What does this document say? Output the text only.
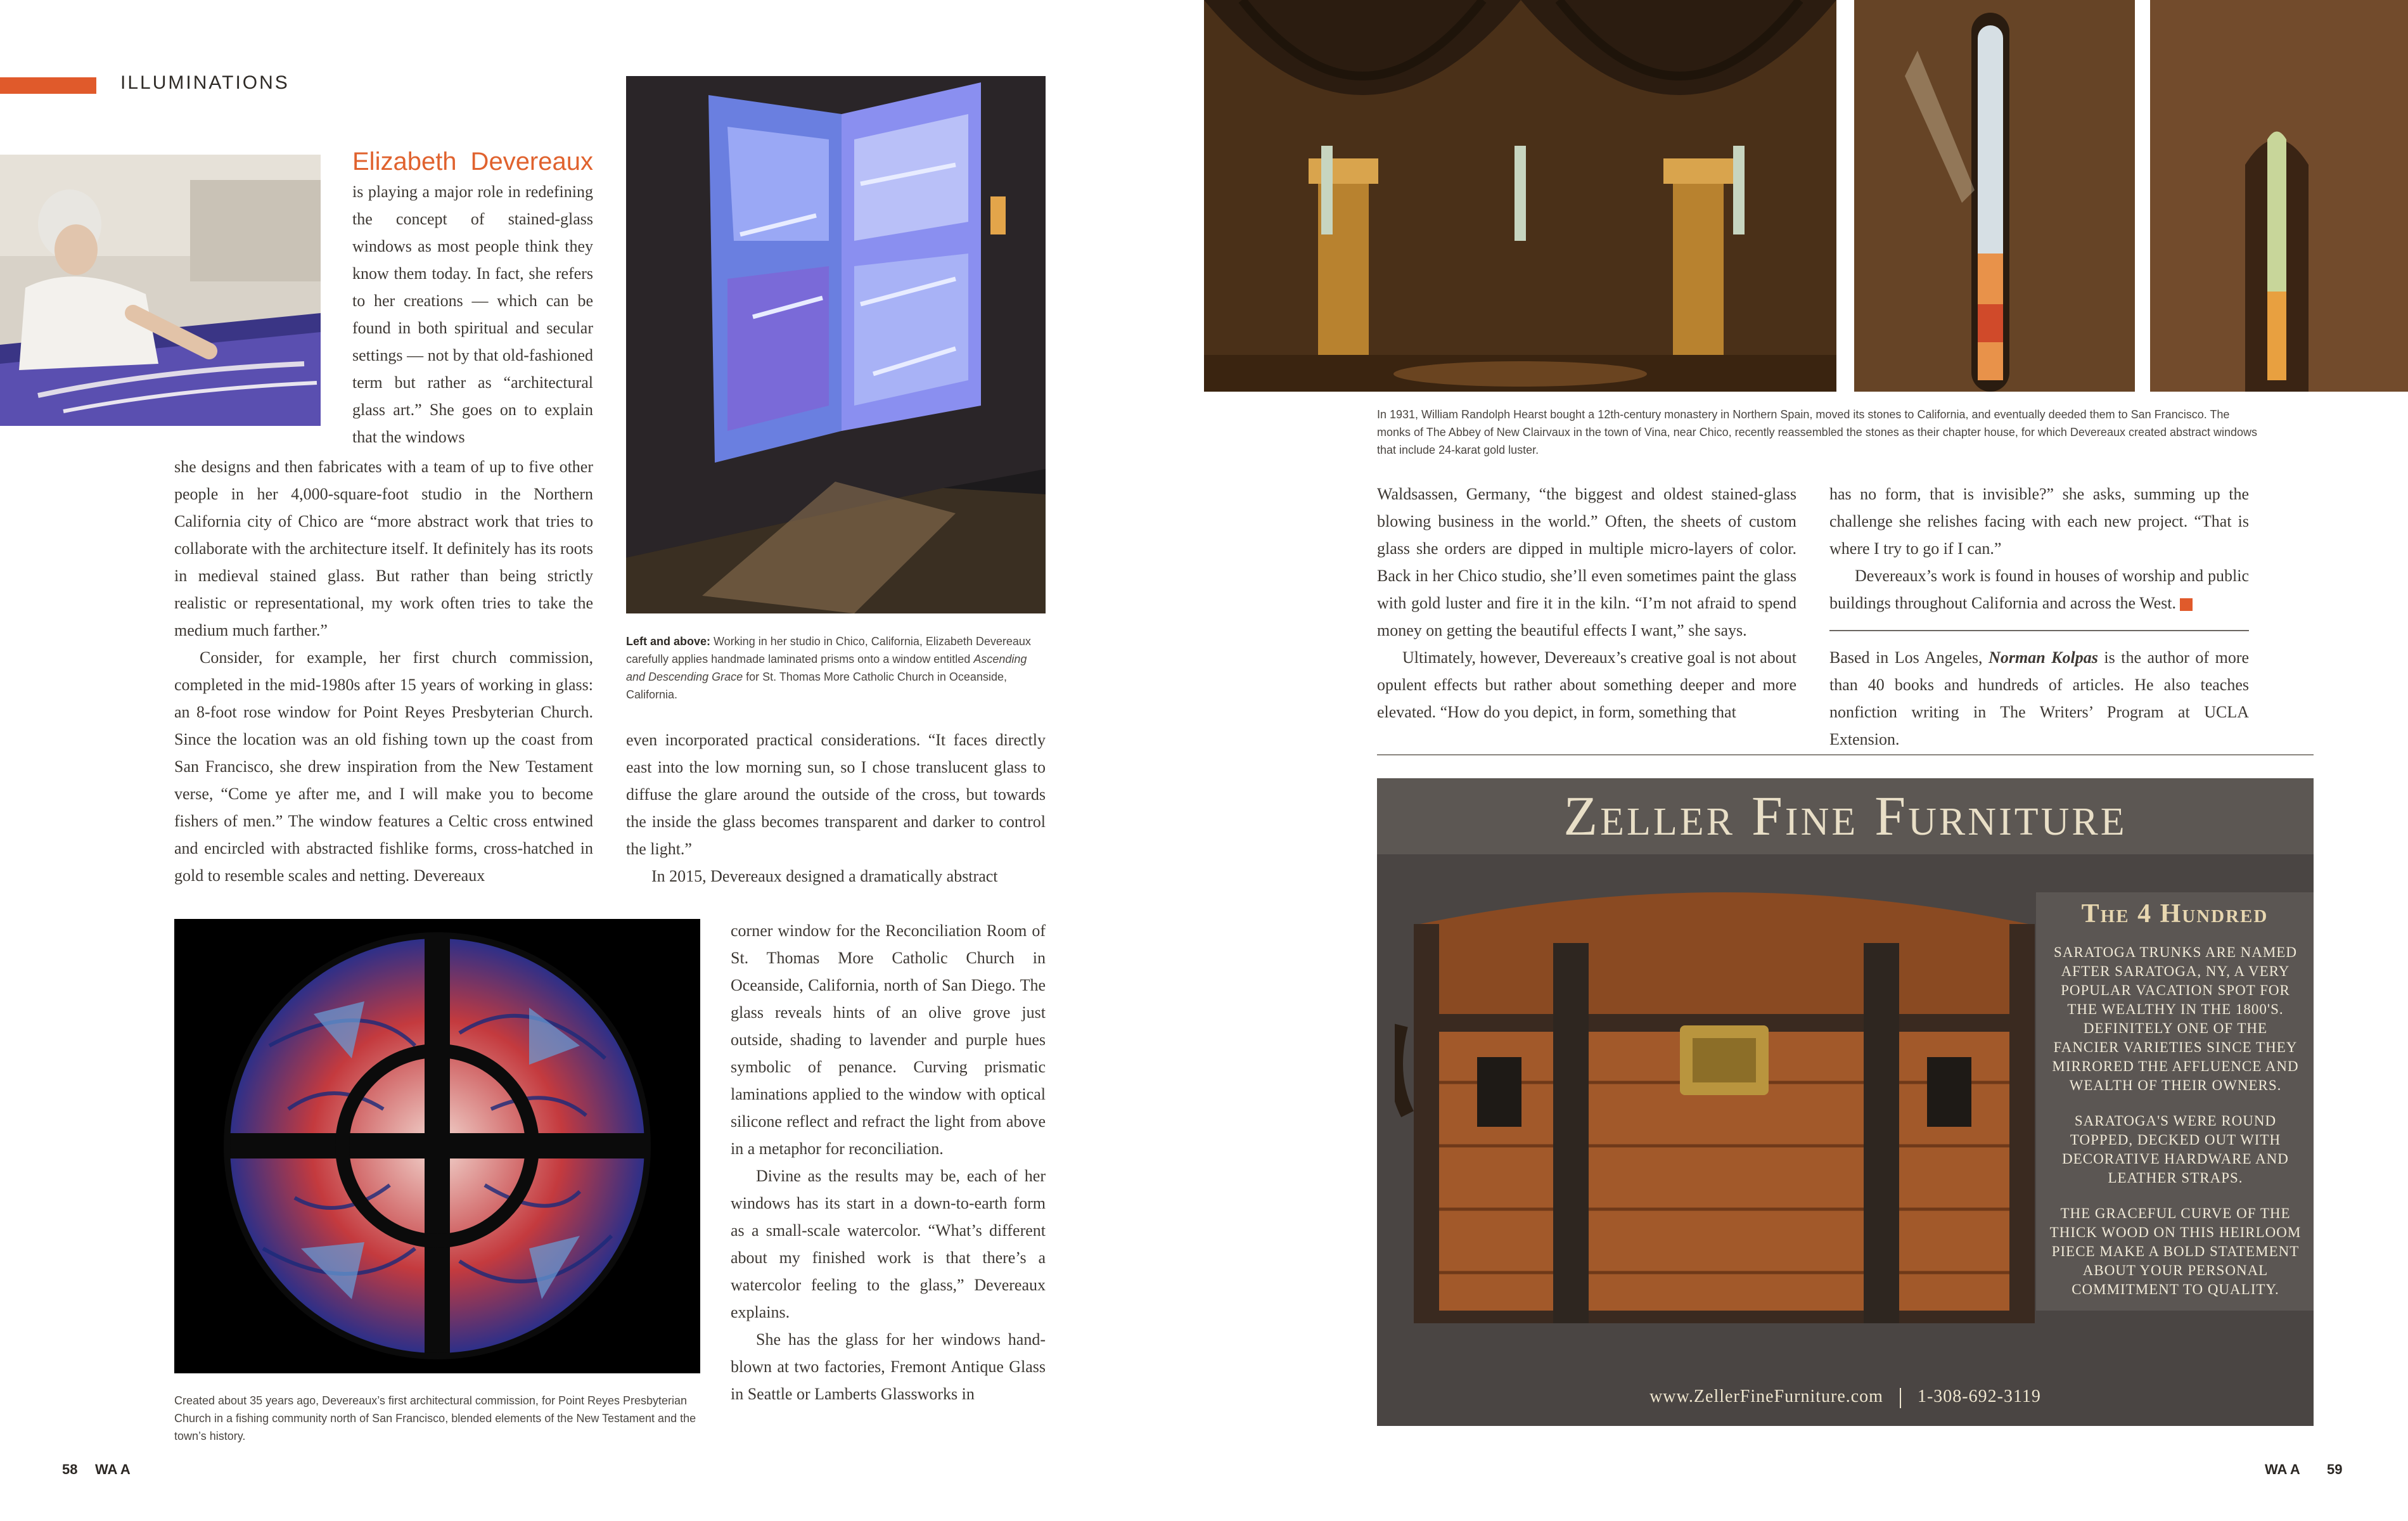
ILLUMINATIONS

Elizabeth Devereaux is playing a major role in redefining the concept of stained-glass windows as most people think they know them today. In fact, she refers to her creations — which can be found in both spiritual and secular settings — not by that old-fashioned term but rather as “architectural glass art.” She goes on to explain that the windows

she designs and then fabricates with a team of up to five other people in her 4,000-square-foot studio in the Northern California city of Chico are “more abstract work that tries to collaborate with the architecture itself. It definitely has its roots in medieval stained glass. But rather than being strictly realistic or representational, my work often tries to take the medium much farther.”

Consider, for example, her first church commission, completed in the mid-1980s after 15 years of working in glass: an 8-foot rose window for Point Reyes Presbyterian Church. Since the location was an old fishing town up the coast from San Francisco, she drew inspiration from the New Testament verse, “Come ye after me, and I will make you to become fishers of men.” The window features a Celtic cross entwined and encircled with abstracted fishlike forms, cross-hatched in gold to resemble scales and netting. Devereaux

Created about 35 years ago, Devereaux’s first architectural commission, for Point Reyes Presbyterian Church in a fishing community north of San Francisco, blended elements of the New Testament and the town’s history.
Left and above: Working in her studio in Chico, California, Elizabeth Devereaux carefully applies handmade laminated prisms onto a window entitled Ascending and Descending Grace for St. Thomas More Catholic Church in Oceanside, California.

even incorporated practical considerations. “It faces directly east into the low morning sun, so I chose translucent glass to diffuse the glare around the outside of the cross, but towards the inside the glass becomes transparent and darker to control the light.”

In 2015, Devereaux designed a dramatically abstract

corner window for the Reconciliation Room of St. Thomas More Catholic Church in Oceanside, California, north of San Diego. The glass reveals hints of an olive grove just outside, shading to lavender and purple hues symbolic of penance. Curving prismatic laminations applied to the window with optical silicone reflect and refract the light from above in a metaphor for reconciliation.

Divine as the results may be, each of her windows has its start in a down-to-earth form as a small-scale watercolor. “What’s different about my finished work is that there’s a watercolor feeling to the glass,” Devereaux explains.

She has the glass for her windows hand-blown at two factories, Fremont Antique Glass in Seattle or Lamberts Glassworks in

58 WA A
In 1931, William Randolph Hearst bought a 12th-century monastery in Northern Spain, moved its stones to California, and eventually deeded them to San Francisco. The monks of The Abbey of New Clairvaux in the town of Vina, near Chico, recently reassembled the stones as their chapter house, for which Devereaux created abstract windows that include 24-karat gold luster.

Waldsassen, Germany, “the biggest and oldest stained-glass blowing business in the world.” Often, the sheets of custom glass she orders are dipped in multiple micro-layers of color. Back in her Chico studio, she’ll even sometimes paint the glass with gold luster and fire it in the kiln. “I’m not afraid to spend money on getting the beautiful effects I want,” she says.

Ultimately, however, Devereaux’s creative goal is not about opulent effects but rather about something deeper and more elevated. “How do you depict, in form, something that

has no form, that is invisible?” she asks, summing up the challenge she relishes facing with each new project. “That is where I try to go if I can.”

Devereaux’s work is found in houses of worship and public buildings throughout California and across the West.

Based in Los Angeles, Norman Kolpas is the author of more than 40 books and hundreds of articles. He also teaches nonfiction writing in The Writers’ Program at UCLA Extension.

Zeller Fine Furniture
The 4 Hundred

SARATOGA TRUNKS ARE NAMED AFTER SARATOGA, NY, A VERY POPULAR VACATION SPOT FOR THE WEALTHY IN THE 1800'S. DEFINITELY ONE OF THE FANCIER VARIETIES SINCE THEY MIRRORED THE AFFLUENCE AND WEALTH OF THEIR OWNERS.

SARATOGA'S WERE ROUND TOPPED, DECKED OUT WITH DECORATIVE HARDWARE AND LEATHER STRAPS.

THE GRACEFUL CURVE OF THE THICK WOOD ON THIS HEIRLOOM PIECE MAKE A BOLD STATEMENT ABOUT YOUR PERSONAL COMMITMENT TO QUALITY.

www.ZellerFineFurniture.com 1-308-692-3119
WA A 59
